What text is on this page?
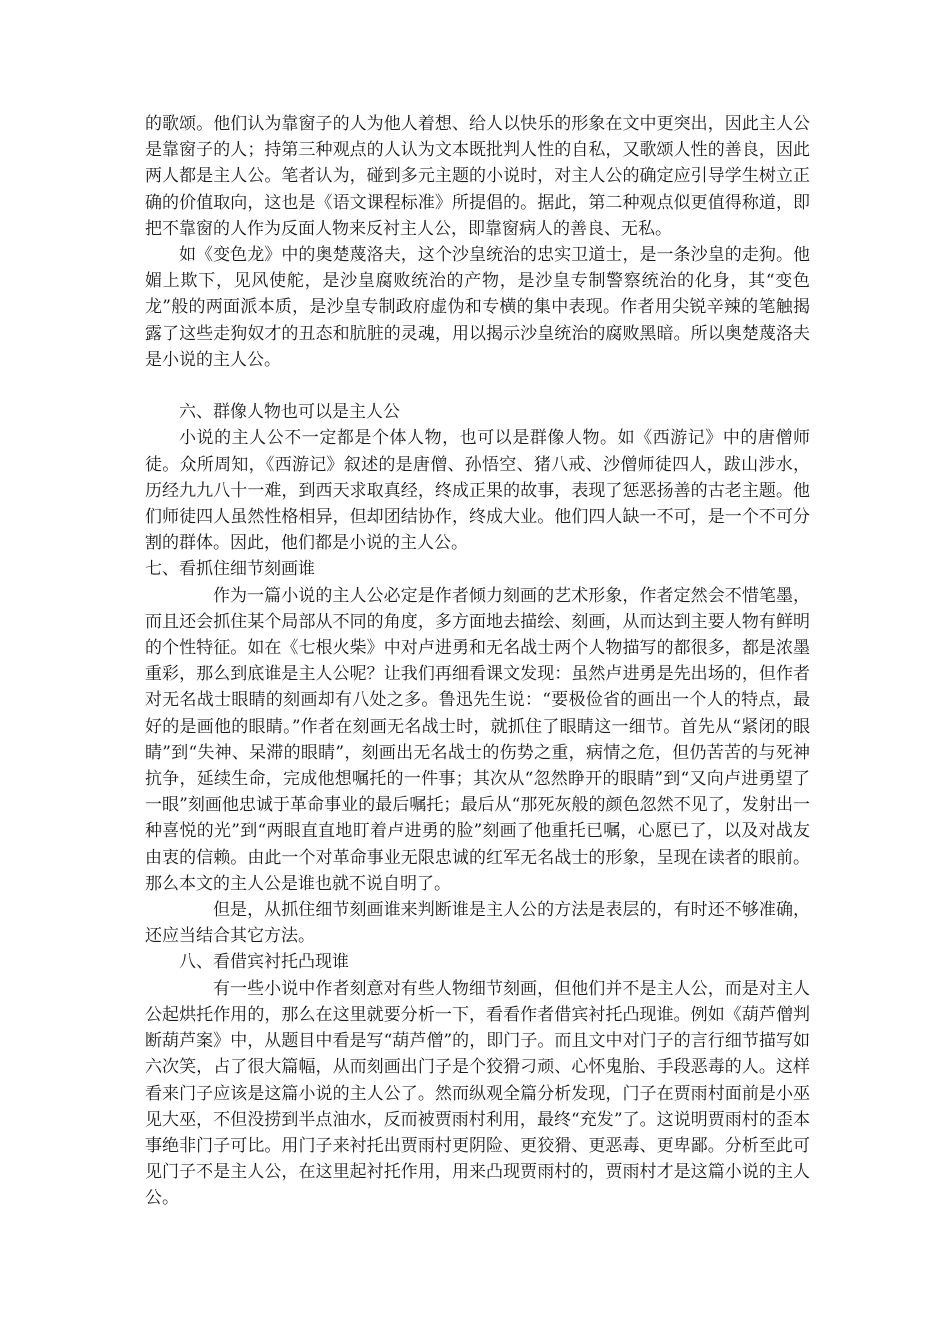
的歌颂。他们认为靠窗子的人为他人着想、给人以快乐的形象在文中更突出，因此主人公是靠窗子的人；持第三种观点的人认为文本既批判人性的自私，又歌颂人性的善良，因此两人都是主人公。笔者认为，碰到多元主题的小说时，对主人公的确定应引导学生树立正确的价值取向，这也是《语文课程标准》所提倡的。据此，第二种观点似更值得称道，即把不靠窗的人作为反面人物来反衬主人公，即靠窗病人的善良、无私。

如《变色龙》中的奥楚蔑洛夫，这个沙皇统治的忠实卫道士，是一条沙皇的走狗。他媚上欺下，见风使舵，是沙皇腐败统治的产物，是沙皇专制警察统治的化身，其“变色龙”般的两面派本质，是沙皇专制政府虚伪和专横的集中表现。作者用尖锐辛辣的笔触揭露了这些走狗奴才的丑态和肮脏的灵魂，用以揭示沙皇统治的腐败黑暗。所以奥楚蔑洛夫是小说的主人公。

六、群像人物也可以是主人公

小说的主人公不一定都是个体人物，也可以是群像人物。如《西游记》中的唐僧师徒。众所周知，《西游记》叙述的是唐僧、孙悟空、猪八戒、沙僧师徒四人，跋山涉水，历经九九八十一难，到西天求取真经，终成正果的故事，表现了惩恶扬善的古老主题。他们师徒四人虽然性格相异，但却团结协作，终成大业。他们四人缺一不可，是一个不可分割的群体。因此，他们都是小说的主人公。

七、看抓住细节刻画谁

作为一篇小说的主人公必定是作者倾力刻画的艺术形象，作者定然会不惜笔墨，而且还会抓住某个局部从不同的角度，多方面地去描绘、刻画，从而达到主要人物有鲜明的个性特征。如在《七根火柴》中对卢进勇和无名战士两个人物描写的都很多，都是浓墨重彩，那么到底谁是主人公呢？让我们再细看课文发现：虽然卢进勇是先出场的，但作者对无名战士眼睛的刻画却有八处之多。鲁迅先生说：“要极俭省的画出一个人的特点，最好的是画他的眼睛。”作者在刻画无名战士时，就抓住了眼睛这一细节。首先从“紧闭的眼睛”到“失神、呆滞的眼睛”，刻画出无名战士的伤势之重，病情之危，但仍苦苦的与死神抗争，延续生命，完成他想嘱托的一件事；其次从“忽然睁开的眼睛”到“又向卢进勇望了一眼”刻画他忠诚于革命事业的最后嘱托；最后从“那死灰般的颜色忽然不见了，发射出一种喜悦的光”到“两眼直直地盯着卢进勇的脸”刻画了他重托已嘱，心愿已了，以及对战友由衷的信赖。由此一个对革命事业无限忠诚的红军无名战士的形象，呈现在读者的眼前。那么本文的主人公是谁也就不说自明了。

但是，从抓住细节刻画谁来判断谁是主人公的方法是表层的，有时还不够准确，还应当结合其它方法。

八、看借宾衬托凸现谁

有一些小说中作者刻意对有些人物细节刻画，但他们并不是主人公，而是对主人公起烘托作用的，那么在这里就要分析一下，看看作者借宾衬托凸现谁。例如《葫芦僧判断葫芦案》中，从题目中看是写“葫芦僧”的，即门子。而且文中对门子的言行细节描写如六次笑，占了很大篇幅，从而刻画出门子是个狡猾刁顽、心怀鬼胎、手段恶毒的人。这样看来门子应该是这篇小说的主人公了。然而纵观全篇分析发现，门子在贾雨村面前是小巫见大巫，不但没捞到半点油水，反而被贾雨村利用，最终“充发”了。这说明贾雨村的歪本事绝非门子可比。用门子来衬托出贾雨村更阴险、更狡猾、更恶毒、更卑鄙。分析至此可见门子不是主人公，在这里起衬托作用，用来凸现贾雨村的，贾雨村才是这篇小说的主人公。
